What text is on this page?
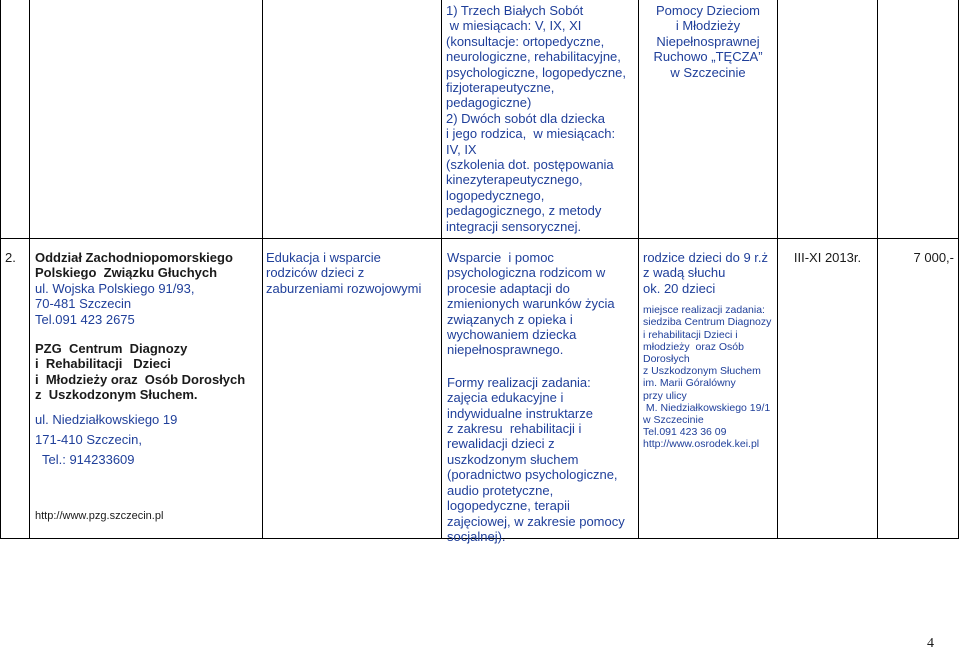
1) Trzech Białych Sobót

w miesiącach: V, IX, XI

(konsultacje: ortopedyczne,

neurologiczne, rehabilitacyjne,

psychologiczne, logopedyczne,

fizjoterapeutyczne,

pedagogiczne)

2) Dwóch sobót dla dziecka

i jego rodzica,  w miesiącach:

IV, IX

(szkolenia dot. postępowania

kinezyterapeutycznego,

logopedycznego,

pedagogicznego, z metody

integracji sensorycznej.

Pomocy Dzieciom

i Młodzieży

Niepełnosprawnej

Ruchowo „TĘCZA”

w Szczecinie

2. Oddział Zachodniopomorskiego

Polskiego  Związku Głuchych

ul. Wojska Polskiego 91/93,

70-481 Szczecin

Tel.091 423 2675

PZG  Centrum  Diagnozy

i  Rehabilitacji   Dzieci

i  Młodzieży oraz  Osób Dorosłych

z  Uszkodzonym Słuchem.

ul. Niedziałkowskiego 19

171-410 Szczecin,

Tel.: 914233609

http://www.pzg.szczecin.pl

Edukacja i wsparcie

rodziców dzieci z

zaburzeniami rozwojowymi

Wsparcie  i pomoc

psychologiczna rodzicom w

procesie adaptacji do

zmienionych warunków życia

związanych z opieka i

wychowaniem dziecka

niepełnosprawnego.

Formy realizacji zadania:

zajęcia edukacyjne i

indywidualne instruktarze

z zakresu  rehabilitacji i

rewalidacji dzieci z

uszkodzonym słuchem

(poradnictwo psychologiczne,

audio protetyczne,

logopedyczne, terapii

zajęciowej, w zakresie pomocy

socjalnej).

rodzice dzieci do 9 r.ż

z wadą słuchu

ok. 20 dzieci

miejsce realizacji zadania:

siedziba Centrum Diagnozy

i rehabilitacji Dzieci i

młodzieży  oraz Osób

Dorosłych

z Uszkodzonym Słuchem

im. Marii Góralówny

przy ulicy

M. Niedziałkowskiego 19/1

w Szczecinie

Tel.091 423 36 09

http://www.osrodek.kei.pl

III-XI 2013r.	7 000,-
4
